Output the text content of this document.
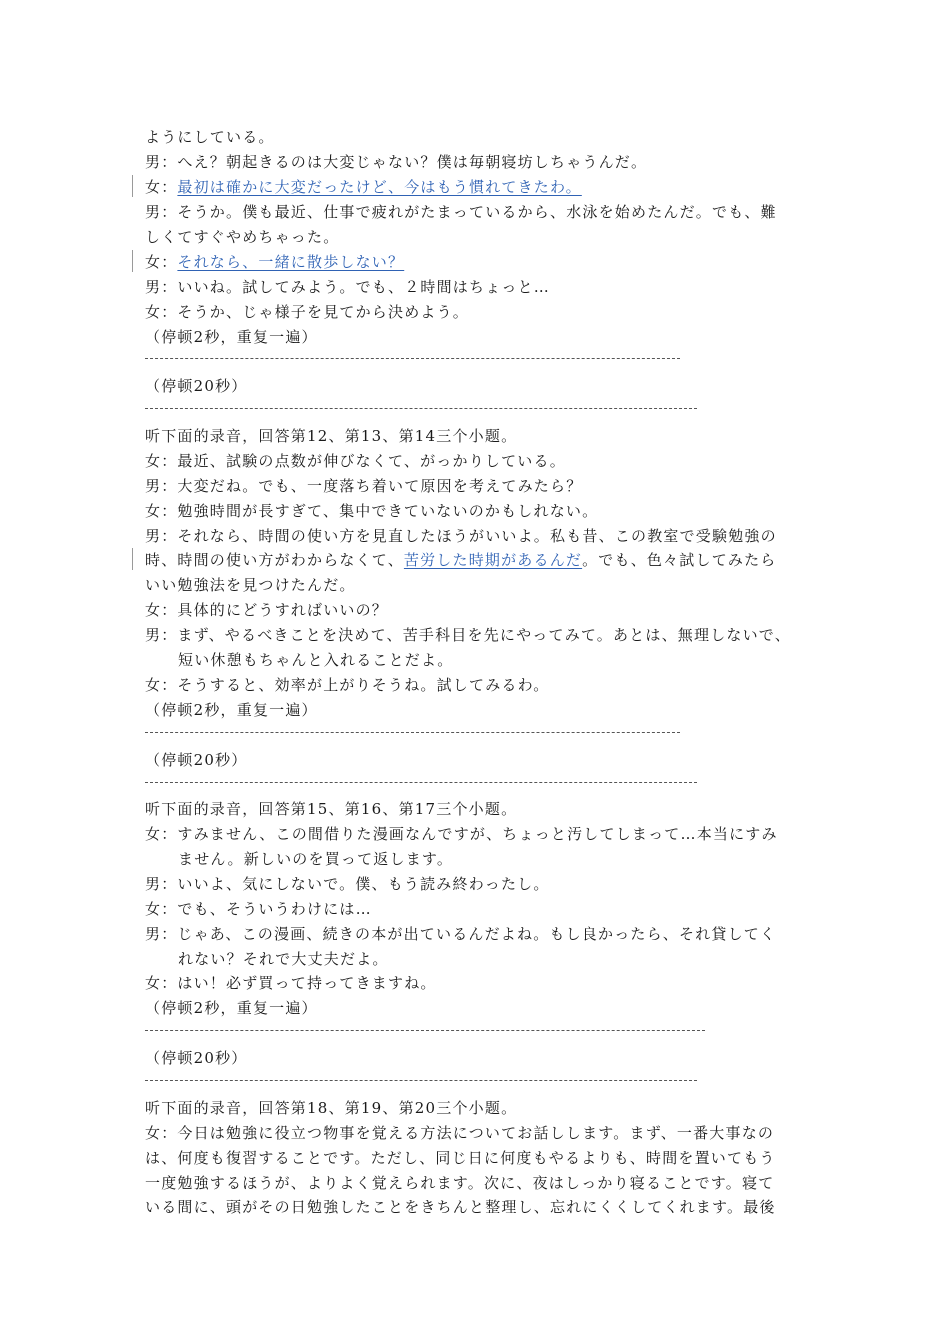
ようにしている。
男：へえ？朝起きるのは大変じゃない？僕は毎朝寝坊しちゃうんだ。
女：最初は確かに大変だったけど、今はもう慣れてきたわ。
男：そうか。僕も最近、仕事で疲れがたまっているから、水泳を始めたんだ。でも、難
しくてすぐやめちゃった。
女：それなら、一緒に散歩しない？
男：いいね。試してみよう。でも、２時間はちょっと…
女：そうか、じゃ様子を見てから決めよう。
（停顿2秒，重复一遍）
（停顿20秒）
听下面的录音，回答第12、第13、第14三个小题。
女：最近、試験の点数が伸びなくて、がっかりしている。
男：大変だね。でも、一度落ち着いて原因を考えてみたら？
女：勉強時間が長すぎて、集中できていないのかもしれない。
男：それなら、時間の使い方を見直したほうがいいよ。私も昔、この教室で受験勉強の
時、時間の使い方がわからなくて、苦労した時期があるんだ。でも、色々試してみたら
いい勉強法を見つけたんだ。
女：具体的にどうすればいいの？
男：まず、やるべきことを決めて、苦手科目を先にやってみて。あとは、無理しないで、
短い休憩もちゃんと入れることだよ。
女：そうすると、効率が上がりそうね。試してみるわ。
（停顿2秒，重复一遍）
（停顿20秒）
听下面的录音，回答第15、第16、第17三个小题。
女：すみません、この間借りた漫画なんですが、ちょっと汚してしまって…本当にすみ
ません。新しいのを買って返します。
男：いいよ、気にしないで。僕、もう読み終わったし。
女：でも、そういうわけには…
男：じゃあ、この漫画、続きの本が出ているんだよね。もし良かったら、それ貸してく
れない？それで大丈夫だよ。
女：はい！必ず買って持ってきますね。
（停顿2秒，重复一遍）
（停顿20秒）
听下面的录音，回答第18、第19、第20三个小题。
女：今日は勉強に役立つ物事を覚える方法についてお話しします。まず、一番大事なの
は、何度も復習することです。ただし、同じ日に何度もやるよりも、時間を置いてもう
一度勉強するほうが、よりよく覚えられます。次に、夜はしっかり寝ることです。寝て
いる間に、頭がその日勉強したことをきちんと整理し、忘れにくくしてくれます。最後
